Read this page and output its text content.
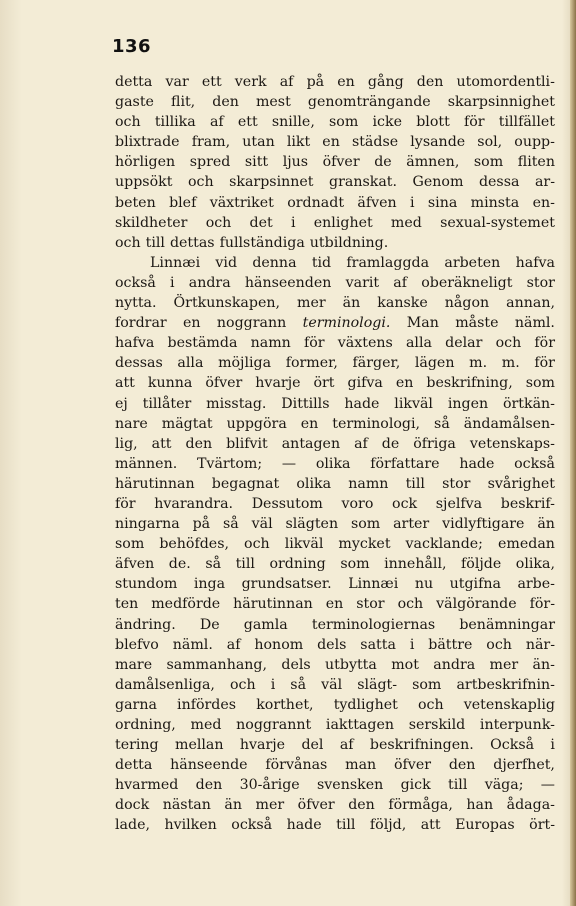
136
detta var ett verk af på en gång den utomordentli-
gaste flit, den mest genomträngande skarpsinnighet
och tillika af ett snille, som icke blott för tillfället
blixtrade fram, utan likt en städse lysande sol, oupp-
hörligen spred sitt ljus öfver de ämnen, som fliten
uppsökt och skarpsinnet granskat. Genom dessa ar-
beten blef växtriket ordnadt äfven i sina minsta en-
skildheter och det i enlighet med sexual-systemet
och till dettas fullständiga utbildning.
Linnæi vid denna tid framlaggda arbeten hafva
också i andra hänseenden varit af oberäkneligt stor
nytta. Örtkunskapen, mer än kanske någon annan,
fordrar en noggrann terminologi. Man måste näml.
hafva bestämda namn för växtens alla delar och för
dessas alla möjliga former, färger, lägen m. m. för
att kunna öfver hvarje ört gifva en beskrifning, som
ej tillåter misstag. Dittills hade likväl ingen örtkän-
nare mägtat uppgöra en terminologi, så ändamålsen-
lig, att den blifvit antagen af de öfriga vetenskaps-
männen. Tvärtom; — olika författare hade också
härutinnan begagnat olika namn till stor svårighet
för hvarandra. Dessutom voro ock sjelfva beskrif-
ningarna på så väl slägten som arter vidlyftigare än
som behöfdes, och likväl mycket vacklande; emedan
äfven de. så till ordning som innehåll, följde olika,
stundom inga grundsatser. Linnæi nu utgifna arbe-
ten medförde härutinnan en stor och välgörande för-
ändring. De gamla terminologiernas benämningar
blefvo näml. af honom dels satta i bättre och när-
mare sammanhang, dels utbytta mot andra mer än-
damålsenliga, och i så väl slägt- som artbeskrifnin-
garna infördes korthet, tydlighet och vetenskaplig
ordning, med noggrannt iakttagen serskild interpunk-
tering mellan hvarje del af beskrifningen. Också i
detta hänseende förvånas man öfver den djerfhet,
hvarmed den 30-årige svensken gick till väga; —
dock nästan än mer öfver den förmåga, han ådaga-
lade, hvilken också hade till följd, att Europas ört-
